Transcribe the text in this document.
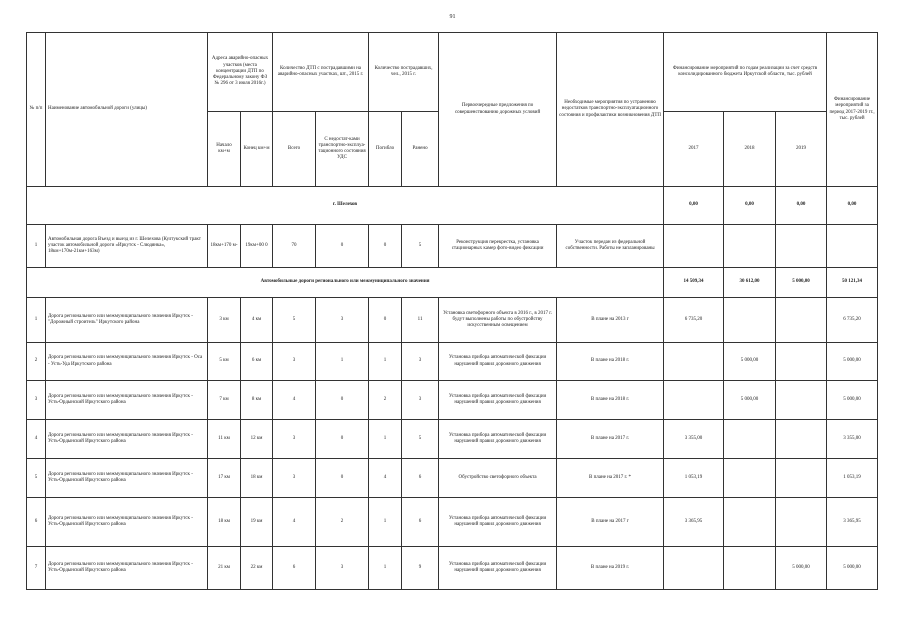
91
№ п/п	Наименование автомобильной дороги (улицы)	Адреса аварийно-опасных участков (места концентрации ДТП по Федеральному закону ФЗ № 296 от 3 июля 2016г.)		Количество ДТП с пострадавшими на аварийно-опасных участках, шт., 2015 г.		Количество пострадавших, чел., 2015 г.		Первоочередные предложения по совершенствованию дорожных условий	Необходимые мероприятия по устранению недостатков транспортно-эксплуатационного состояния и профилактики возникновения ДТП	Финансирование мероприятий по годам реализации за счет средств консолидированного бюджета Иркутской области, тыс. рублей			Финансирование мероприятий за период 2017-2019 гг., тыс. рублей
		Начало км+м	Конец км+м	Всего	С недостат-ками транспортно-эксплуа-тационного состояния УДС	Погибло	Ранено			2017	2018	2019	
г. Шелехов										0,00	0,00	0,00	0,00
1	Автомобильная дорога Въезд и выезд из г. Шелехова (Култукский тракт участок автомобильной дороги «Иркутск - Слюдянка», 18км+170м-21км+163м)	18км+170 м-	19км+00 0	70	0	0	5	Реконструкция перекрестка, установка стационарных камер фото-видео фиксации	Участок передан из федеральной собственности. Работы не запланированы				
Автомобильные дороги регионального или межмуниципального значения										14 509,34	30 612,00	5 000,00	50 121,34
1	Дорога регионального или межмуниципального значения Иркутск - "Дорожный строитель" Иркутского района	3 км	4 км	5	3	0	11	Установка светофорного объекта в 2016 г., в 2017 г. будут выполнены работы по обустройству искусственным освещением	В плане на 2013 г	6 735,20			6 735,20
2	Дорога регионального или межмуниципального значения Иркутск - Оса - Усть-Уда Иркутского района	5 км	6 км	3	1	1	3	Установка прибора автоматической фиксации нарушений правил дорожного движения	В плане на 2018 г.		5 000,00		5 000,00
3	Дорога регионального или межмуниципального значения Иркутск - Усть-Ордынский Иркутского района	7 км	8 км	4	0	2	3	Установка прибора автоматической фиксации нарушений правил дорожного движения	В плане на 2018 г.		5 000,00		5 000,00
4	Дорога регионального или межмуниципального значения Иркутск - Усть-Ордынский Иркутского района	11 км	12 км	3	0	1	5	Установка прибора автоматической фиксации нарушений правил дорожного движения	В плане на 2017 г.	3 355,00			3 355,00
5	Дорога регионального или межмуниципального значения Иркутск - Усть-Ордынский Иркутского района	17 км	18 км	3	0	4	6	Обустройство светофорного объекта	В плане на 2017 г. *	1 053,19			1 053,19
6	Дорога регионального или межмуниципального значения Иркутск - Усть-Ордынский Иркутского района	18 км	19 км	4	2	1	6	Установка прибора автоматической фиксации нарушений правил дорожного движения	В плане на 2017 г	3 365,95			3 365,95
7	Дорога регионального или межмуниципального значения Иркутск - Усть-Ордынский Иркутского района	21 км	22 км	6	3	1	9	Установка прибора автоматической фиксации нарушений правил дорожного движения	В плане на 2019 г.			5 000,00	5 000,00
